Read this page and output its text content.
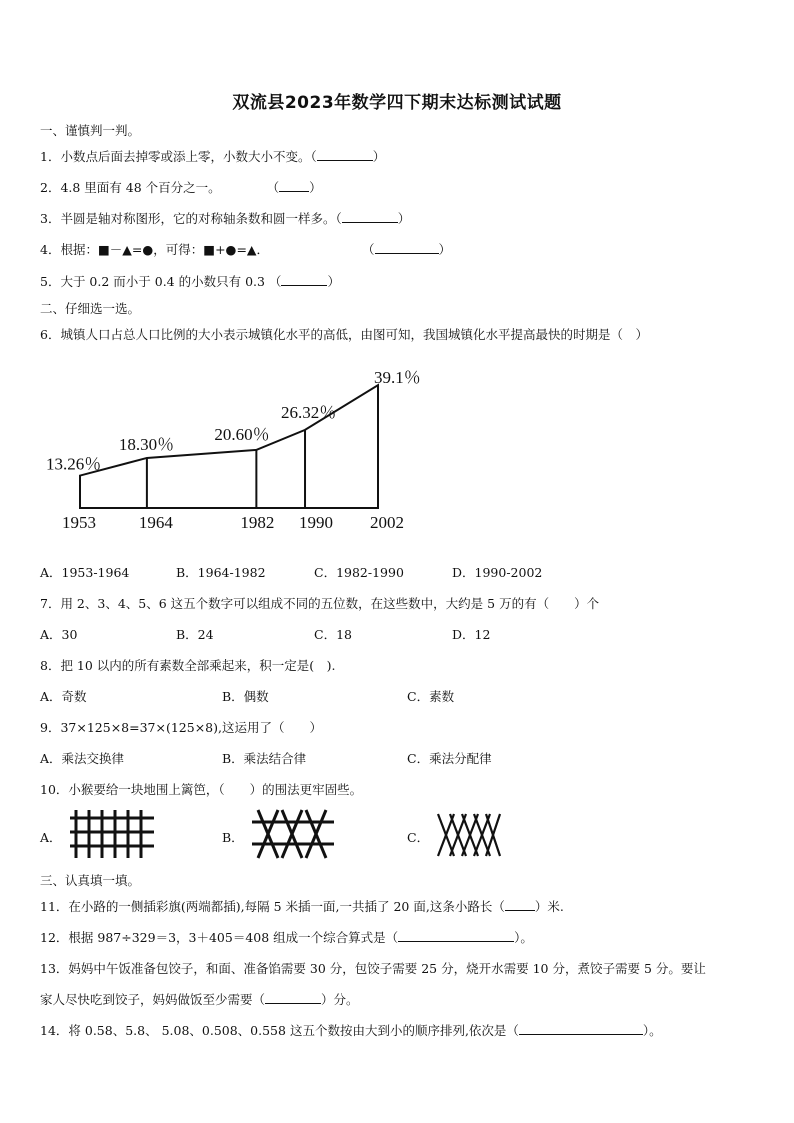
双流县2023年数学四下期末达标测试试题
一、谨慎判一判。
1．小数点后面去掉零或添上零，小数大小不变。（	）
2．4.8 里面有 48 个百分之一。	（ ）
3．半圆是轴对称图形，它的对称轴条数和圆一样多。（	）
4．根据：■－▲=●，可得：■+●=▲．	（	）
5．大于 0.2 而小于 0.4 的小数只有 0.3 （	）
二、仔细选一选。
6．城镇人口占总人口比例的大小表示城镇化水平的高低，由图可知，我国城镇化水平提高最快的时期是（　）
13.26％
18.30％
20.60％
26.32％
39.1％
1953	1964	1982 1990 2002
A．1953-1964	B．1964-1982	C．1982-1990	D．1990-2002
7．用 2、3、4、5、6 这五个数字可以组成不同的五位数，在这些数中，大约是 5 万的有（　　）个
A．30	B．24	C．18	D．12
8．把 10 以内的所有素数全部乘起来，积一定是(　).
A．奇数	B．偶数	C．素数
9．37×125×8=37×(125×8),这运用了（　　）
A．乘法交换律	B．乘法结合律	C．乘法分配律
10．小猴要给一块地围上篱笆，（　　）的围法更牢固些。
A．	B．	C．
三、认真填一填。
11．在小路的一侧插彩旗(两端都插),每隔 5 米插一面,一共插了 20 面,这条小路长（ ）米.
12．根据 987÷329＝3，3＋405＝408 组成一个综合算式是（	）。
13．妈妈中午饭准备包饺子，和面、准备馅需要 30 分，包饺子需要 25 分，烧开水需要 10 分，煮饺子需要 5 分。要让
家人尽快吃到饺子，妈妈做饭至少需要（	）分。
14．将 0.58、5.8、 5.08、0.508、0.558 这五个数按由大到小的顺序排列,依次是（	）。
